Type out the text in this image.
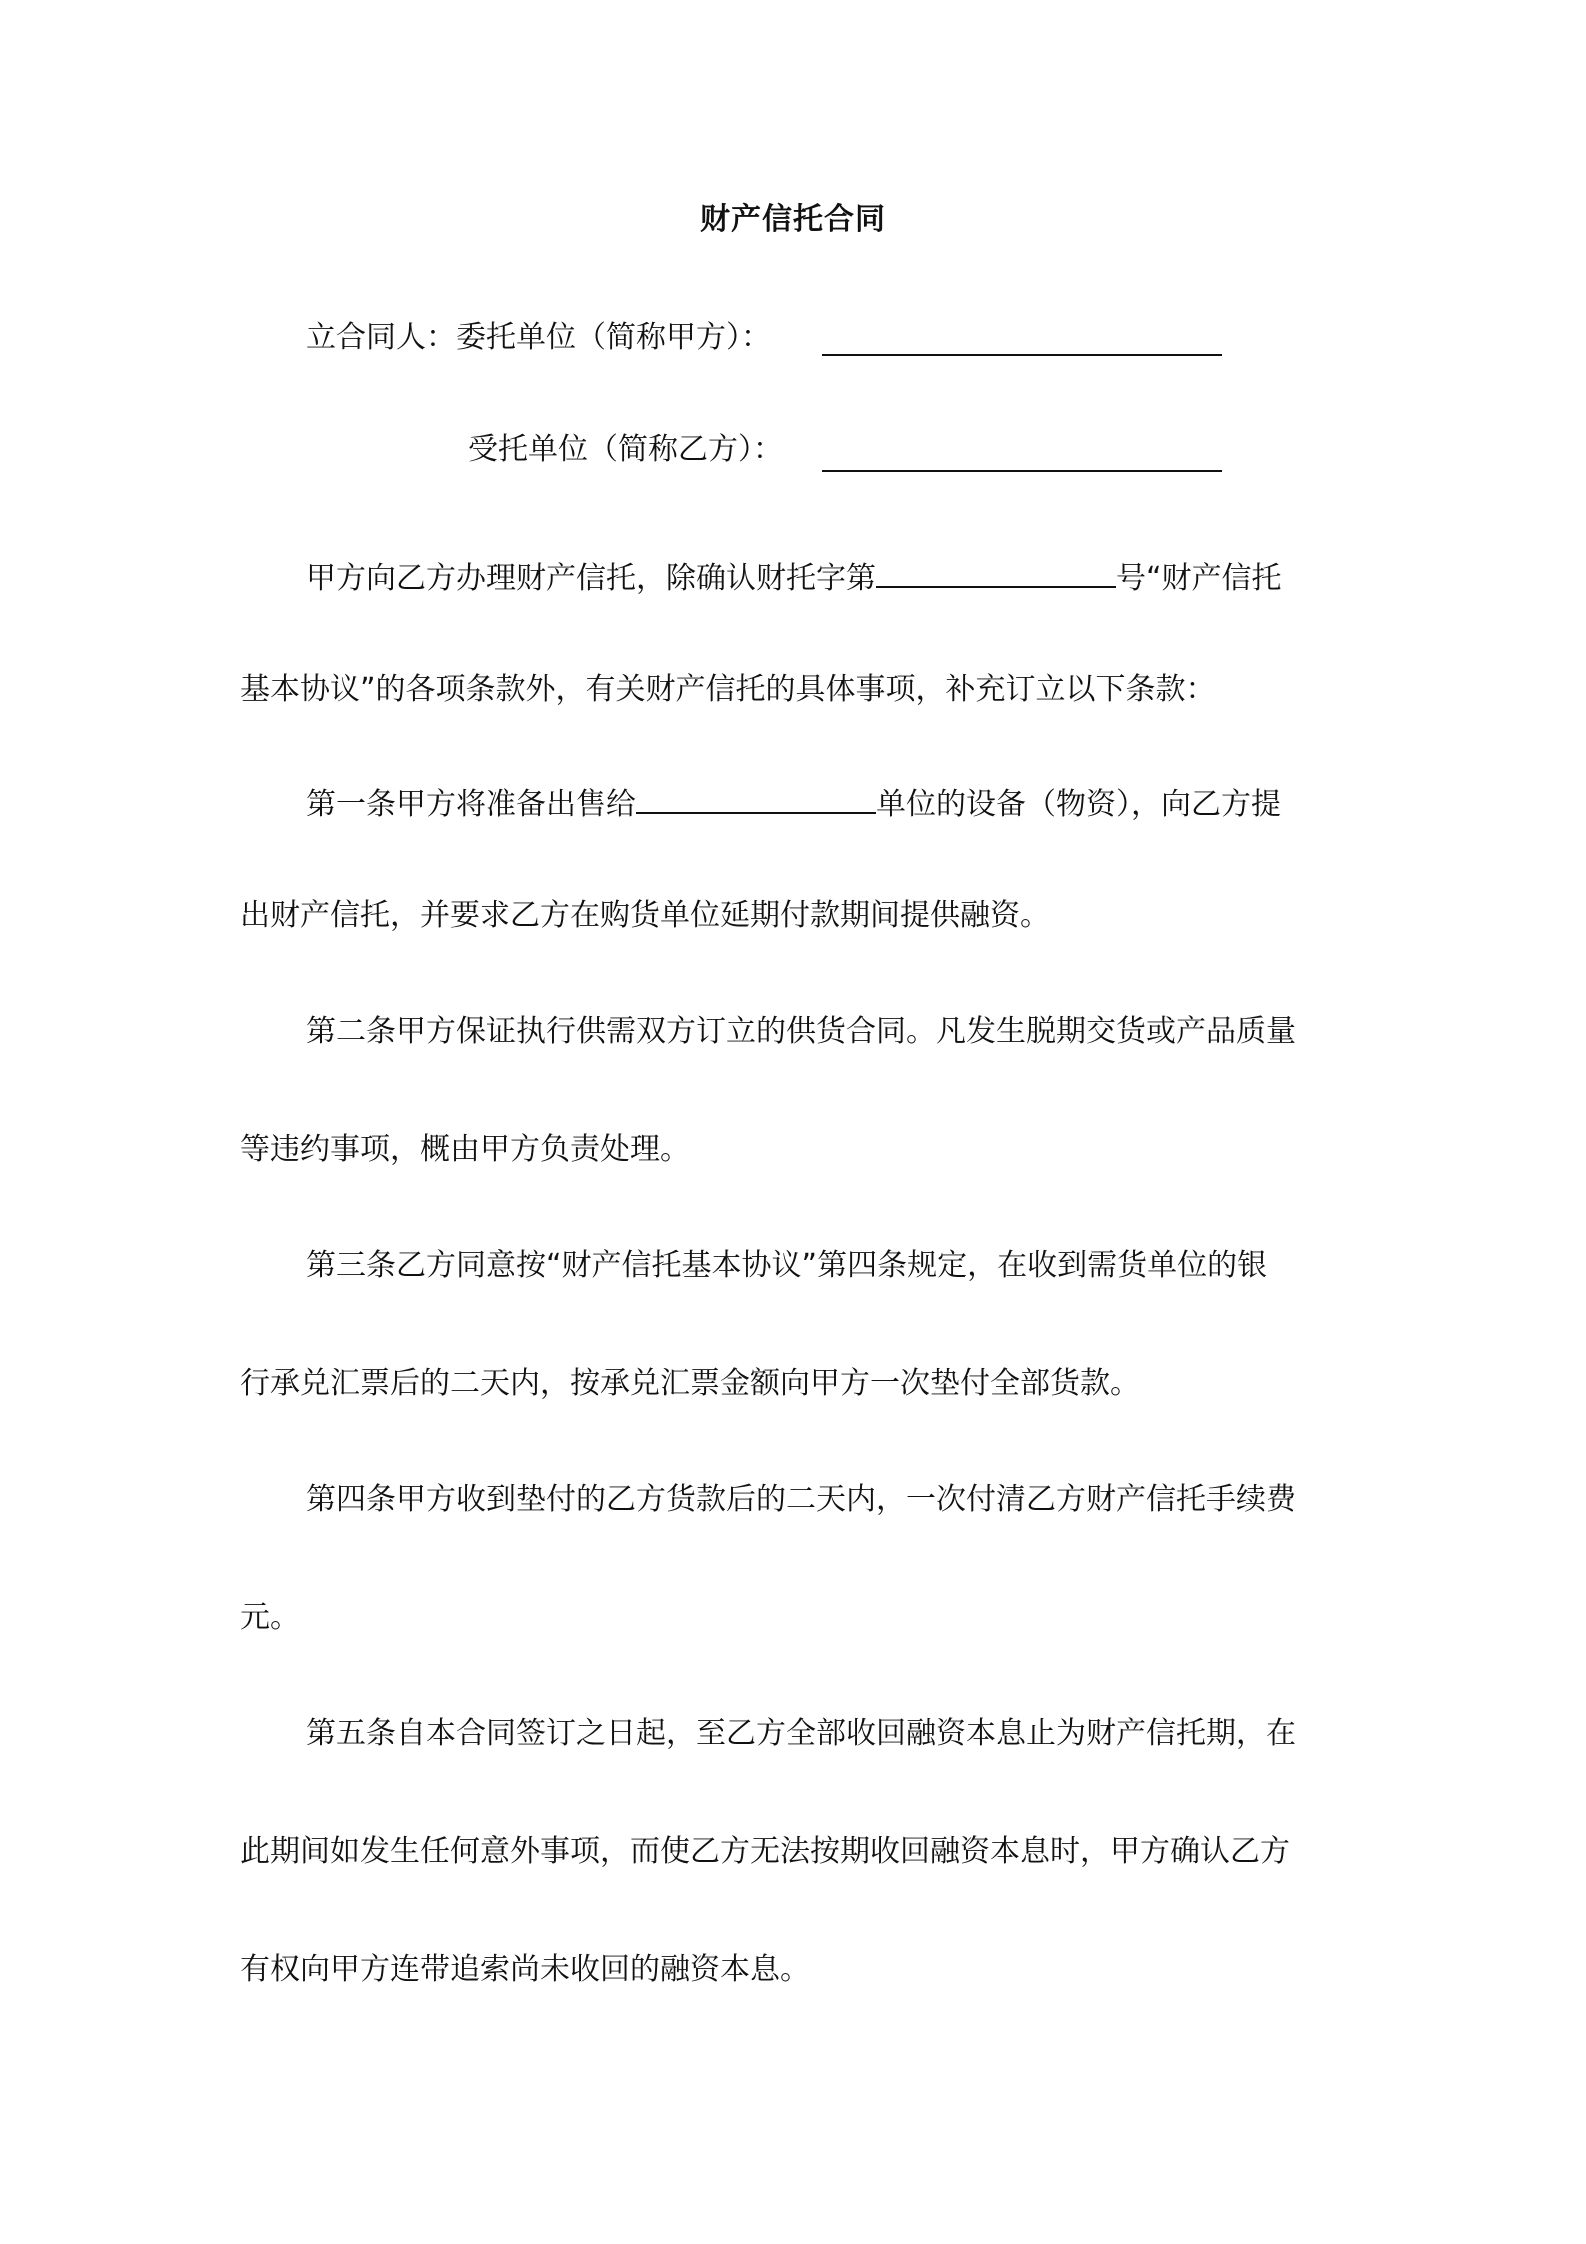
财产信托合同
立合同人：委托单位（简称甲方）：
受托单位（简称乙方）：
甲方向乙方办理财产信托，除确认财托字第	号“财产信托
基本协议”的各项条款外，有关财产信托的具体事项，补充订立以下条款：
第一条甲方将准备出售给	单位的设备（物资），向乙方提
出财产信托，并要求乙方在购货单位延期付款期间提供融资。
第二条甲方保证执行供需双方订立的供货合同。凡发生脱期交货或产品质量
等违约事项，概由甲方负责处理。
第三条乙方同意按“财产信托基本协议”第四条规定，在收到需货单位的银
行承兑汇票后的二天内，按承兑汇票金额向甲方一次垫付全部货款。
第四条甲方收到垫付的乙方货款后的二天内，一次付清乙方财产信托手续费
元。
第五条自本合同签订之日起，至乙方全部收回融资本息止为财产信托期，在
此期间如发生任何意外事项，而使乙方无法按期收回融资本息时，甲方确认乙方
有权向甲方连带追索尚未收回的融资本息。
